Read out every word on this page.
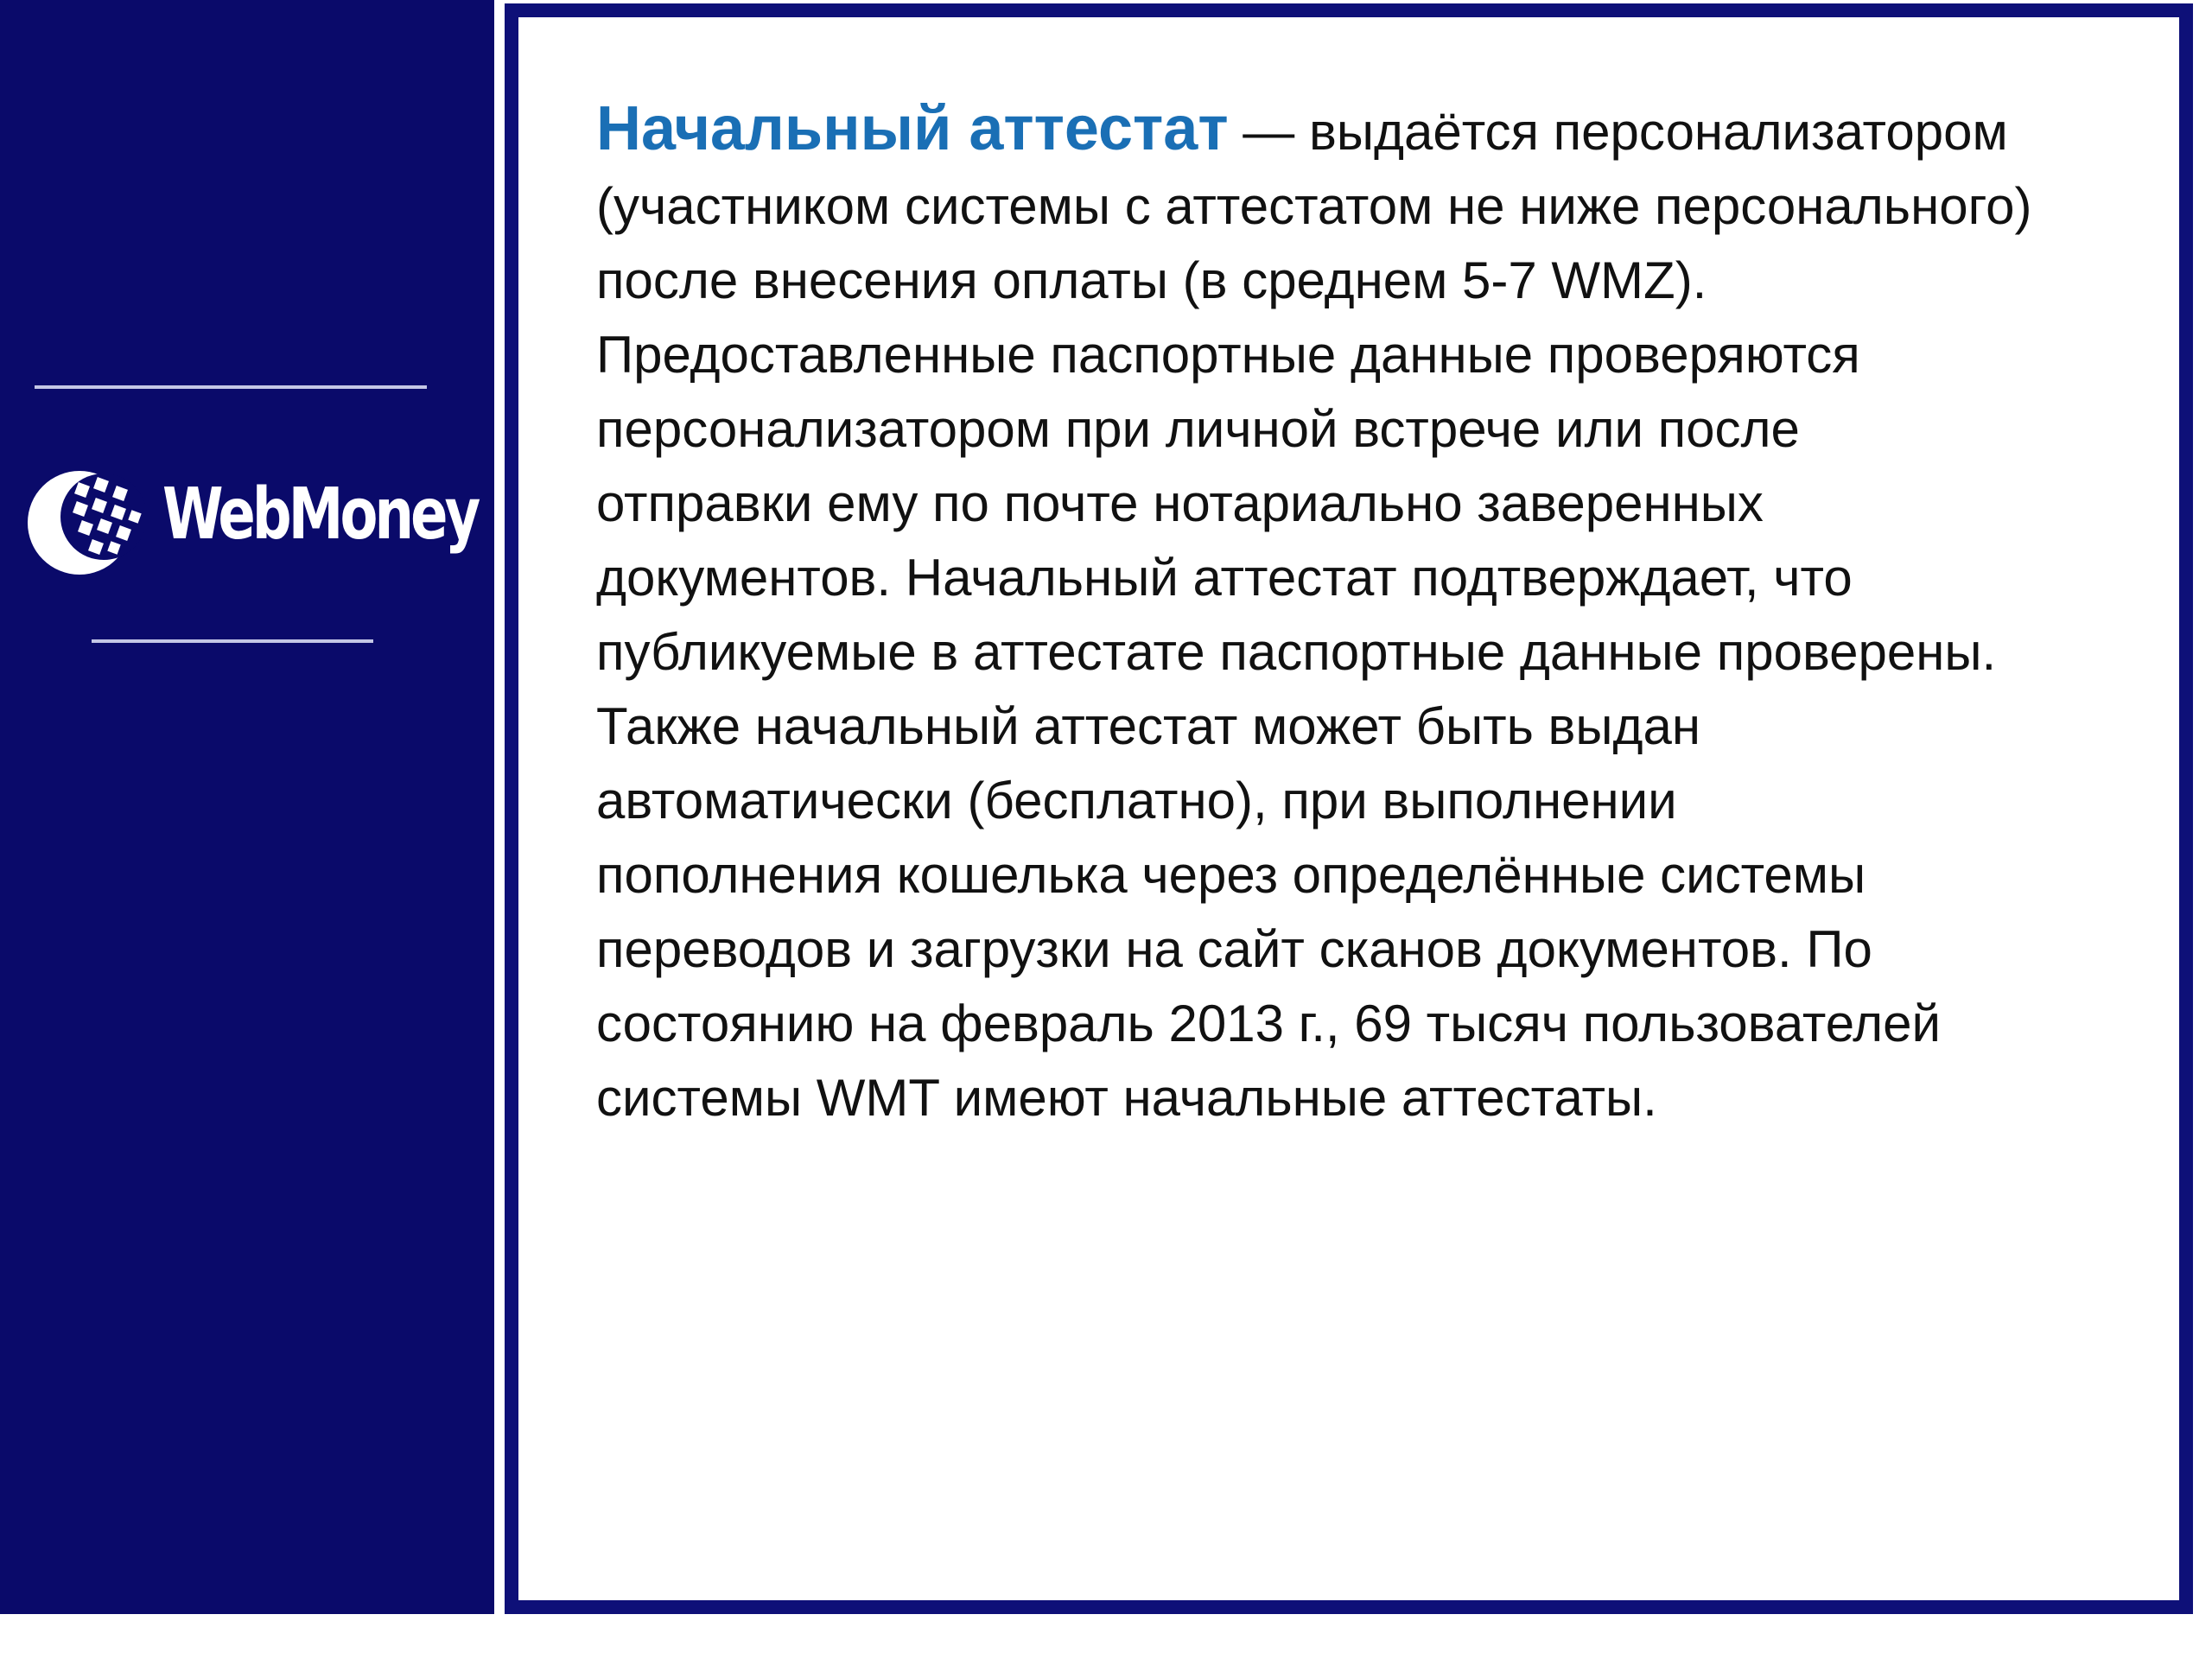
WebMoney
Начальный аттестат — выдаётся персонализатором
(участником системы с аттестатом не ниже персонального)
после внесения оплаты (в среднем 5-7 WMZ).
Предоставленные паспортные данные проверяются
персонализатором при личной встрече или после
отправки ему по почте нотариально заверенных
документов. Начальный аттестат подтверждает, что
публикуемые в аттестате паспортные данные проверены.
Также начальный аттестат может быть выдан
автоматически (бесплатно), при выполнении
пополнения кошелька через определённые системы
переводов и загрузки на сайт сканов документов. По
состоянию на февраль 2013 г., 69 тысяч пользователей
системы WMT имеют начальные аттестаты.
